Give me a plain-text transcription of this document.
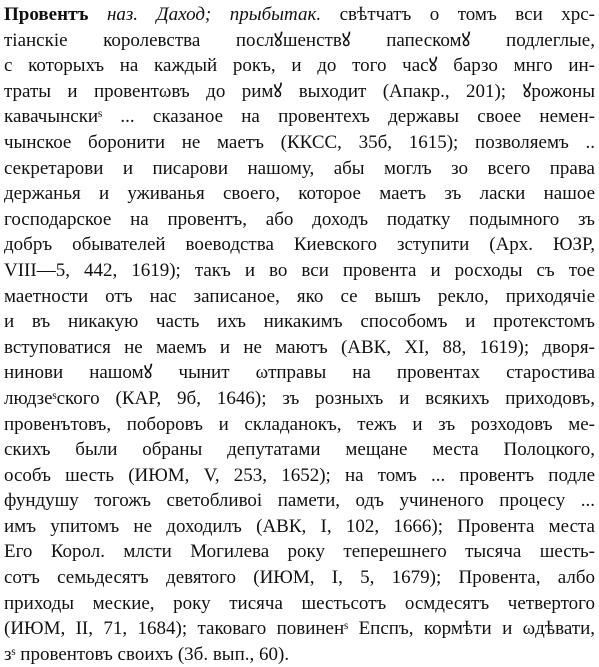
Провентъ наз. Даход; прыбытак. свѣтчатъ о томъ вси хрс-
тіанскіе королевства послꙋшенствꙋ папескомꙋ подлеглые,
с которыхъ на каждый рокъ, и до того часꙋ барзо мнго ин-
траты и провентωвъ до римꙋ выходит (Апакр., 201); ꙋрожоны
кавачынскиˢ ... сказаное на провентехъ державы своее немен-
чынское боронити не маетъ (ККСС, 35б, 1615); позволяемъ ..
секретарови и писарови нашому, абы моглъ зо всего права
держанья и уживанья своего, которое маетъ зъ ласки нашое
господарское на провентъ, або доходъ податку подымного зъ
добръ обывателей воеводства Киевского зступити (Арх. ЮЗР,
VIII—5, 442, 1619); такъ и во вси провента и росходы съ тое
маетности отъ нас записаное, яко се вышъ рекло, приходячіе
и въ никакую часть ихъ никакимъ способомъ и протекстомъ
вступоватися не маемъ и не маютъ (АВК, XI, 88, 1619); дворя-
нинови нашомꙋ чынит ωтправы на провентах старостива
людзеˢского (КАР, 9б, 1646); зъ розныхъ и всякихъ приходовъ,
провенътовъ, поборовъ и складанокъ, тежъ и зъ розходовъ ме-
скихъ были обраны депутатами мещане места Полоцкого,
особъ шесть (ИЮМ, V, 253, 1652); на томъ ... провентъ подле
фундушу тогожъ светобливоі памети, одъ учиненого процесу ...
имъ упитомъ не доходилъ (АВК, I, 102, 1666); Провента места
Его Корол. млсти Могилева року теперешнего тысяча шесть-
сотъ семьдесятъ девятого (ИЮМ, I, 5, 1679); Провента, албо
приходы меские, року тисяча шестьсотъ осмдесятъ четвертого
(ИЮМ, II, 71, 1684); таковаго повиненˢ Епспъ, кормѣти и ωдѣвати,
зˢ провентовъ своихъ (3б. вып., 60).
